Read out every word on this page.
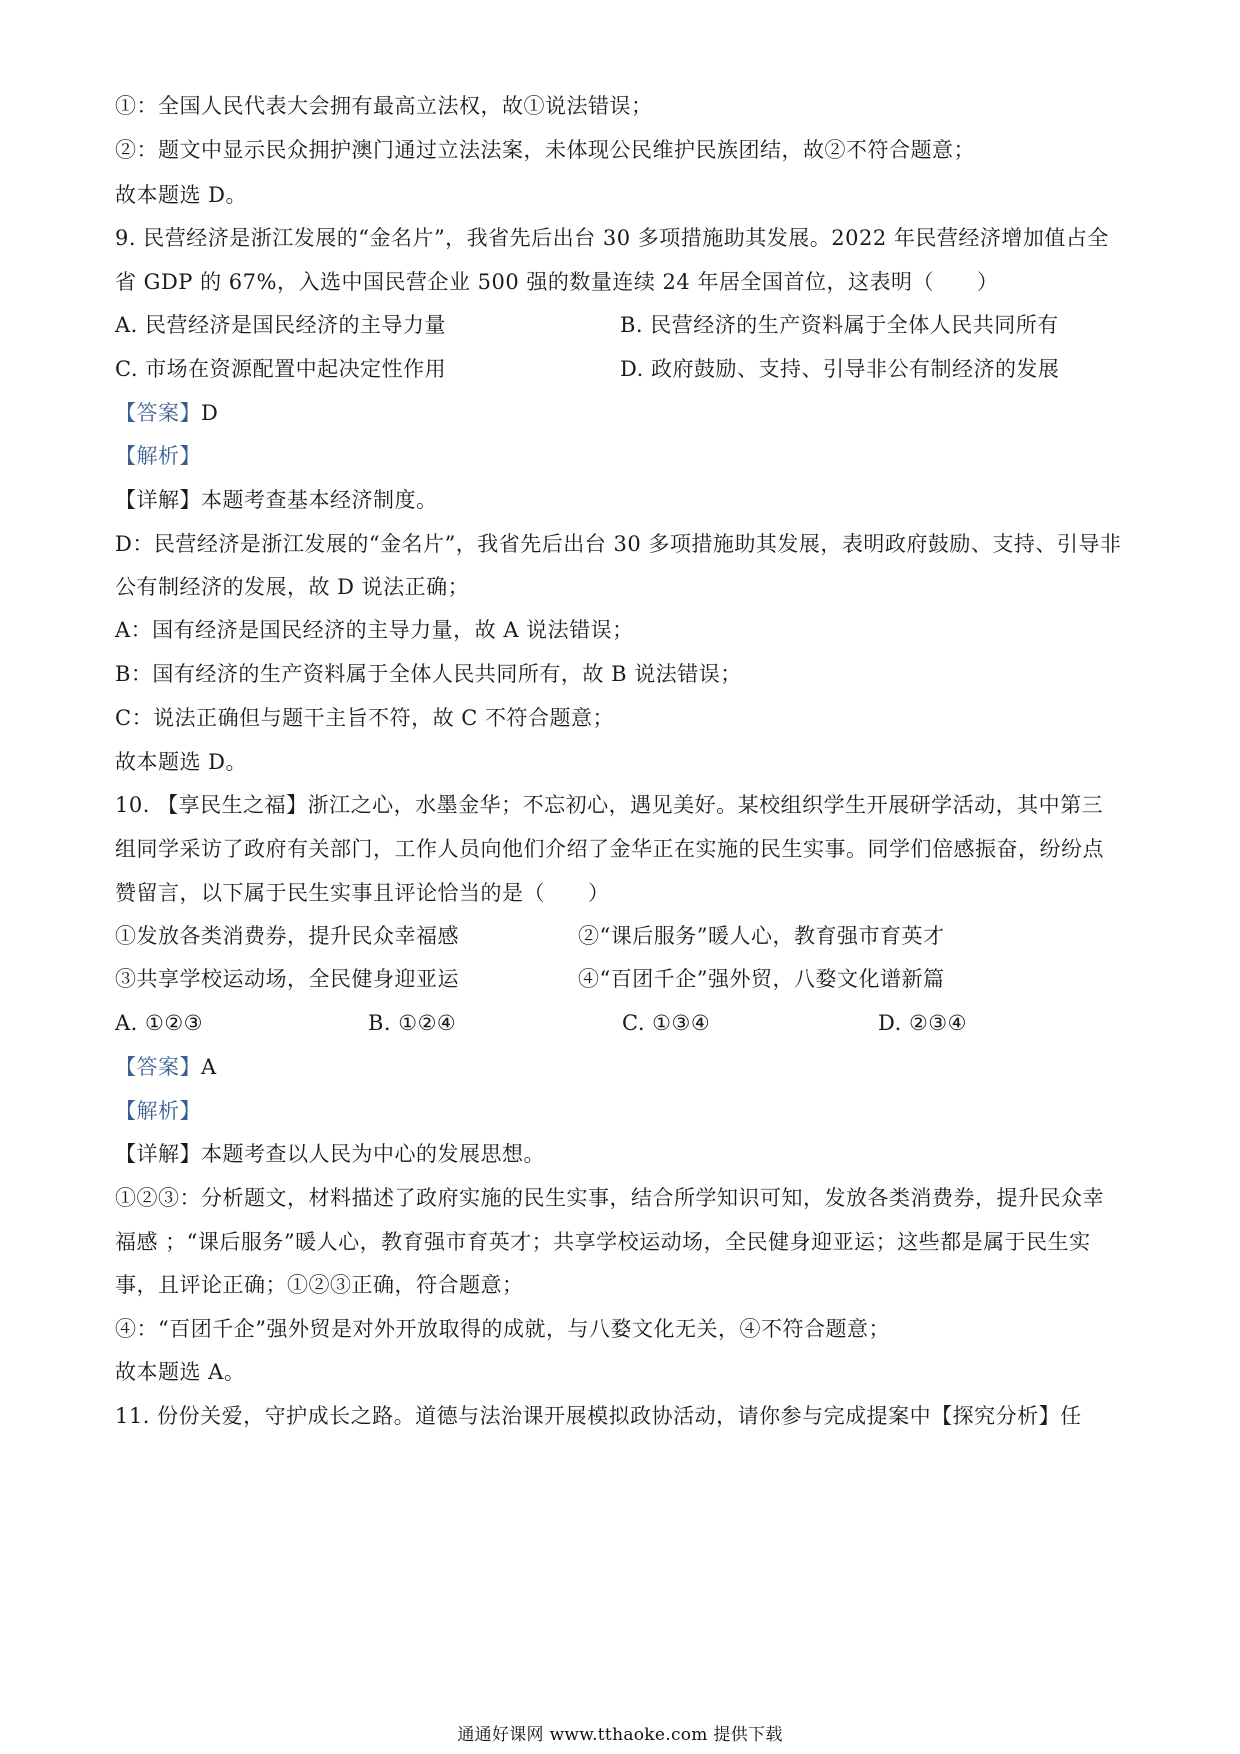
①：全国人民代表大会拥有最高立法权，故①说法错误；
②：题文中显示民众拥护澳门通过立法法案，未体现公民维护民族团结，故②不符合题意；
故本题选 D。
9. 民营经济是浙江发展的“金名片”，我省先后出台 30 多项措施助其发展。2022 年民营经济增加值占全
省 GDP 的 67%，入选中国民营企业 500 强的数量连续 24 年居全国首位，这表明（　　）
A. 民营经济是国民经济的主导力量	B. 民营经济的生产资料属于全体人民共同所有
C. 市场在资源配置中起决定性作用	D. 政府鼓励、支持、引导非公有制经济的发展
【答案】D
【解析】
【详解】本题考查基本经济制度。
D：民营经济是浙江发展的“金名片”，我省先后出台 30 多项措施助其发展，表明政府鼓励、支持、引导非
公有制经济的发展，故 D 说法正确；
A：国有经济是国民经济的主导力量，故 A 说法错误；
B：国有经济的生产资料属于全体人民共同所有，故 B 说法错误；
C：说法正确但与题干主旨不符，故 C 不符合题意；
故本题选 D。
10. 【享民生之福】浙江之心，水墨金华；不忘初心，遇见美好。某校组织学生开展研学活动，其中第三
组同学采访了政府有关部门，工作人员向他们介绍了金华正在实施的民生实事。同学们倍感振奋，纷纷点
赞留言，以下属于民生实事且评论恰当的是（　　）
①发放各类消费券，提升民众幸福感	②“课后服务”暖人心，教育强市育英才
③共享学校运动场，全民健身迎亚运	④“百团千企”强外贸，八婺文化谱新篇
A. ①②③	B. ①②④	C. ①③④	D. ②③④
【答案】A
【解析】
【详解】本题考查以人民为中心的发展思想。
①②③：分析题文，材料描述了政府实施的民生实事，结合所学知识可知，发放各类消费券，提升民众幸
福感 ；“课后服务”暖人心，教育强市育英才；共享学校运动场，全民健身迎亚运；这些都是属于民生实
事，且评论正确；①②③正确，符合题意；
④：“百团千企”强外贸是对外开放取得的成就，与八婺文化无关，④不符合题意；
故本题选 A。
11. 份份关爱，守护成长之路。道德与法治课开展模拟政协活动，请你参与完成提案中【探究分析】任
通通好课网 www.tthaoke.com 提供下载
